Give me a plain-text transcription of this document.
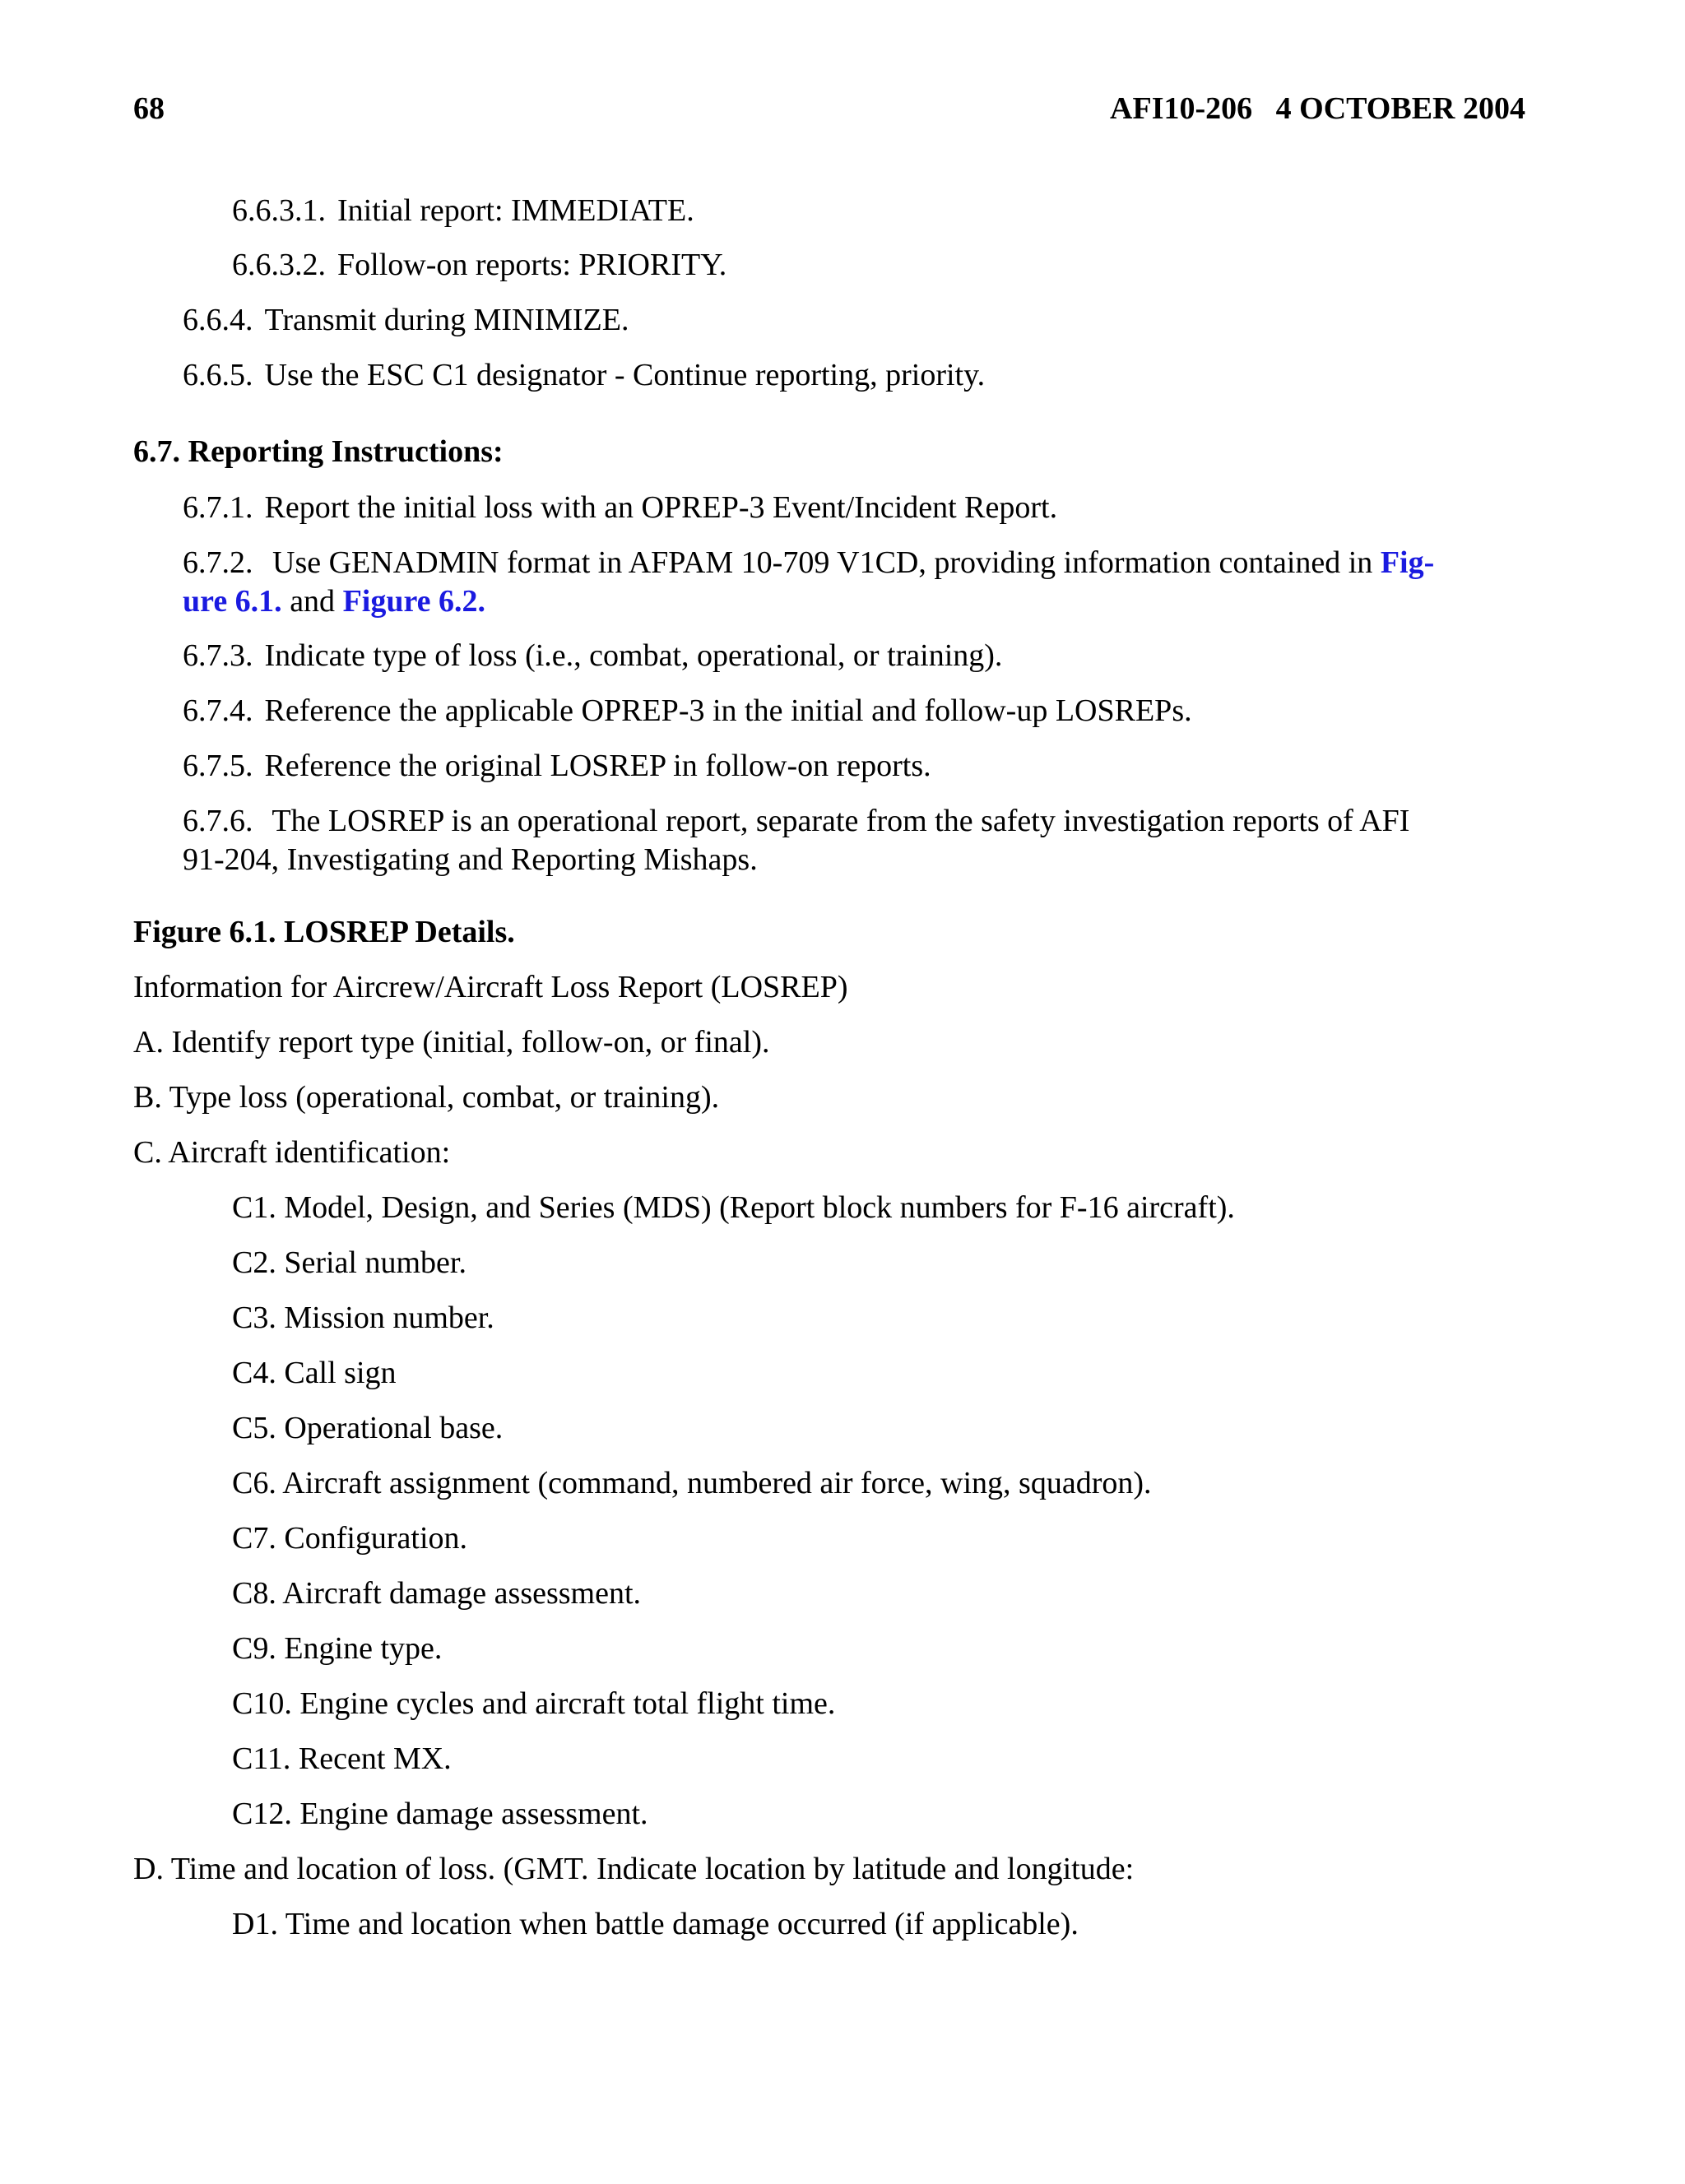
68	AFI10-206   4 OCTOBER 2004
6.6.3.1. Initial report: IMMEDIATE.
6.6.3.2. Follow-on reports: PRIORITY.
6.6.4. Transmit during MINIMIZE.
6.6.5. Use the ESC C1 designator - Continue reporting, priority.
6.7. Reporting Instructions:
6.7.1. Report the initial loss with an OPREP-3 Event/Incident Report.
6.7.2. Use GENADMIN format in AFPAM 10-709 V1CD, providing information contained in Fig-
ure 6.1. and Figure 6.2.
6.7.3. Indicate type of loss (i.e., combat, operational, or training).
6.7.4. Reference the applicable OPREP-3 in the initial and follow-up LOSREPs.
6.7.5. Reference the original LOSREP in follow-on reports.
6.7.6. The LOSREP is an operational report, separate from the safety investigation reports of AFI
91-204, Investigating and Reporting Mishaps.
Figure 6.1. LOSREP Details.
Information for Aircrew/Aircraft Loss Report (LOSREP)
A. Identify report type (initial, follow-on, or final).
B. Type loss (operational, combat, or training).
C. Aircraft identification:
C1. Model, Design, and Series (MDS) (Report block numbers for F-16 aircraft).
C2. Serial number.
C3. Mission number.
C4. Call sign
C5. Operational base.
C6. Aircraft assignment (command, numbered air force, wing, squadron).
C7. Configuration.
C8. Aircraft damage assessment.
C9. Engine type.
C10. Engine cycles and aircraft total flight time.
C11. Recent MX.
C12. Engine damage assessment.
D. Time and location of loss. (GMT. Indicate location by latitude and longitude:
D1. Time and location when battle damage occurred (if applicable).
